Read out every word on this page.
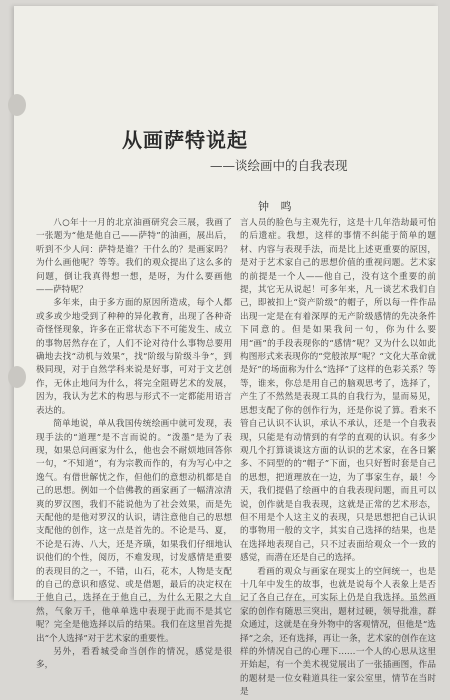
从画萨特说起
——谈绘画中的自我表现
钟 鸣

八○年十一月的北京油画研究会三展，我画了一张题为“他是他自己——萨特”的油画，展出后，听到不少人问：萨特是谁？干什么的？是画家吗？为什么画他呢？等等。我们的观众提出了这么多的问题，倒让我真得想一想，是呀，为什么要画他——萨特呢？

多年来，由于多方面的原因所造成，每个人都或多或少地受到了种种的异化教育，出现了各种奇奇怪怪现象，许多在正常状态下不可能发生、成立的事物居然存在了，人们不论对待什么事物总要用确地去找“动机与效果”，找“阶级与阶级斗争”，到极同现，对于自然学科来说是好事，可对于文艺创作，无休止地问为什么，将完全阻碍艺术的发展，因为，我认为艺术的构思与形式不一定都能用语言表达的。

简单地说，单从我国传统绘画中就可发现，表现手法的“道理”是不言而说的。“泼墨”是为了表现，如果总问画家为什么，他也会不耐烦地回答你一句，“不知道”，有为宗教而作的，有为写心中之逸气。有借世解忧之作，但他们的意想动机都是自己的思想。例如一个信佛教的画家画了一幅清凉清爽的罗汉图，我们不能说他为了社会效果，而是先天配他的是他对罗汉的认识，请注意他自己的思想支配他的创作，这一点是首先的。不论是马、夏，不论是石涛、八大，还是齐璜，如果我们仔细地认识他们的个性，阅历，不难发现，讨发感情是重要的表现目的之一，不错，山石，花木，人物是支配的自己的意识和感觉、或是借题，最后的决定权在于他自己，选择在于他自己，为什么无限之大自然，气象万千，他单单选中表现于此而不是其它呢？完全是他选择以后的结果。我们在这里首先提出“个人选择”对于艺术家的重要性。

另外，看看城受命当创作的情况，感觉是很多，

言人员的脸色与主观先行，这是十几年浩劫最可怕的后遗症。我想，这样的事情不纠能于简单的题材、内容与表现手法，而是比上述更重要的原因，是对于艺术家自己的思想价值的重视问题。艺术家的前提是一个人——他自己，没有这个重要的前提，其它无从说起！可多年来，凡一谈艺术我们自己，即被扣上“资产阶级”的帽子，所以每一件作品出现一定是在有着深厚的无产阶级感情的先决条件下同意的。但是如果我问一句，你为什么要用“画”的手段表现你的“感情”呢？又为什么以如此构图形式来表现你的“党般浓厚”呢？“文化大革命就是好”的场面称为什么“选择”了这样的色彩关系？等等，谁来，你总是用自己的脑观思考了，选择了，产生了不然然是表现工具的自我行为，显而易见，思想支配了你的创作行为，还是你说了算。看来不管自己认识不认识，承认不承认，还是一个自我表现，只能是有动情到的有学的直观的认识。有多少观几个打算谈谈这方面的认识的艺术家，在各日繁多、不同型的的“帽子”下面，也只好暂时套是自己的思想，把道理放在一边，为了事家生存，最！今天，我们提倡了绘画中的自我表现问题，而且可以说，创作就是自我表现，这就是正常的艺术形态，但不用是个人这主义的表现，只是思想把自己认识的事物用一般的文字，其实自己选择的结果，也是在选择地表现自己，只不过表面给观众一个一致的感觉，而潜在还是自己的选择。

看画的观众与画家在现实上的空间统一，也是十几年中发生的故事，也就是说每个人表象上是否记了各自己存在，可实际上仍是自我选择。虽然画家的创作有随思三突出，题材过硬，领导批准，群众通过，这就是在身外物中的客观情况，但他是“选择”之余，还有选择，再让一条，艺术家的创作在这样的外情况自己的心理下……一个人的心思从这里开始起，有一个美术视觉展出了一张插画图，作品的题材是一位女鞋道具往一家公室里，情节在当时是
